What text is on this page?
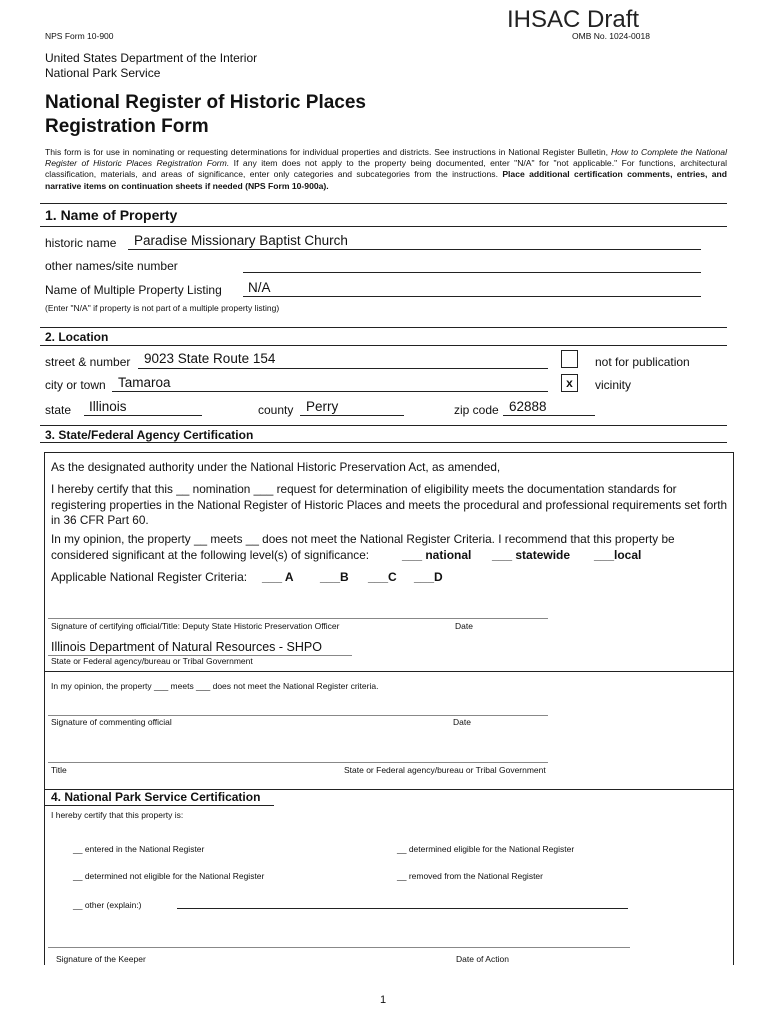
NPS Form 10-900
IHSAC Draft
OMB No. 1024-0018
United States Department of the Interior
National Park Service
National Register of Historic Places
Registration Form
This form is for use in nominating or requesting determinations for individual properties and districts. See instructions in National Register Bulletin, How to Complete the National Register of Historic Places Registration Form. If any item does not apply to the property being documented, enter "N/A" for "not applicable." For functions, architectural classification, materials, and areas of significance, enter only categories and subcategories from the instructions. Place additional certification comments, entries, and narrative items on continuation sheets if needed (NPS Form 10-900a).
1. Name of Property
historic name Paradise Missionary Baptist Church
other names/site number
Name of Multiple Property Listing N/A
(Enter "N/A" if property is not part of a multiple property listing)
2. Location
street & number 9023 State Route 154	not for publication
city or town Tamaroa	x	vicinity
state Illinois	county Perry	zip code 62888
3. State/Federal Agency Certification
As the designated authority under the National Historic Preservation Act, as amended,
I hereby certify that this __ nomination ___ request for determination of eligibility meets the documentation standards for registering properties in the National Register of Historic Places and meets the procedural and professional requirements set forth in 36 CFR Part 60.
In my opinion, the property __ meets __ does not meet the National Register Criteria. I recommend that this property be considered significant at the following level(s) of significance:	___ national ___ statewide ___local
Applicable National Register Criteria: ___ A ___B ___C ___D
Signature of certifying official/Title: Deputy State Historic Preservation Officer	Date
Illinois Department of Natural Resources - SHPO
State or Federal agency/bureau or Tribal Government
In my opinion, the property ___ meets ___ does not meet the National Register criteria.
Signature of commenting official	Date
Title	State or Federal agency/bureau or Tribal Government
4. National Park Service Certification
I hereby certify that this property is:
__ entered in the National Register	__ determined eligible for the National Register
__ determined not eligible for the National Register	__ removed from the National Register
__ other (explain:)
Signature of the Keeper	Date of Action
1
